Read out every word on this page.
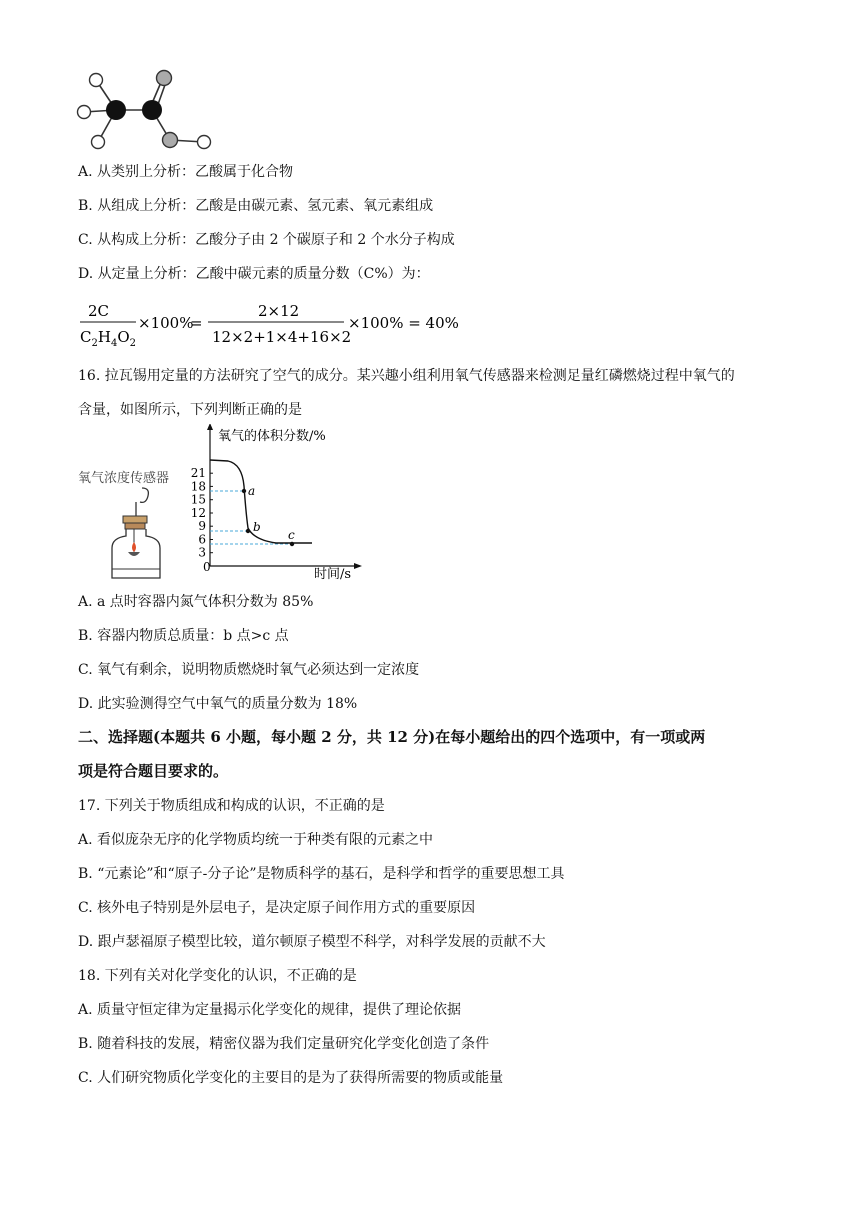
A. 从类别上分析：乙酸属于化合物
B. 从组成上分析：乙酸是由碳元素、氢元素、氧元素组成
C. 从构成上分析：乙酸分子由 2 个碳原子和 2 个水分子构成
D. 从定量上分析：乙酸中碳元素的质量分数（C%）为：
2C
$C_2H_4O_2$
×100%
=
2×12
12×2+1×4+16×2
×100% = 40%
16. 拉瓦锡用定量的方法研究了空气的成分。某兴趣小组利用氧气传感器来检测足量红磷燃烧过程中氧气的
含量，如图所示，下列判断正确的是
氧气浓度传感器 21
18
15
12
9
6
3
氧气的体积分数/%
时间/s
0
a
b
c
A. a 点时容器内氮气体积分数为 85%
B. 容器内物质总质量：b 点>c 点
C. 氧气有剩余，说明物质燃烧时氧气必须达到一定浓度
D. 此实验测得空气中氧气的质量分数为 18%
二、选择题(本题共 6 小题，每小题 2 分，共 12 分)在每小题给出的四个选项中，有一项或两
项是符合题目要求的。
17. 下列关于物质组成和构成的认识，不正确的是
A. 看似庞杂无序的化学物质均统一于种类有限的元素之中
B. “元素论”和“原子-分子论”是物质科学的基石，是科学和哲学的重要思想工具
C. 核外电子特别是外层电子，是决定原子间作用方式的重要原因
D. 跟卢瑟福原子模型比较，道尔顿原子模型不科学，对科学发展的贡献不大
18. 下列有关对化学变化的认识，不正确的是
A. 质量守恒定律为定量揭示化学变化的规律，提供了理论依据
B. 随着科技的发展，精密仪器为我们定量研究化学变化创造了条件
C. 人们研究物质化学变化的主要目的是为了获得所需要的物质或能量
